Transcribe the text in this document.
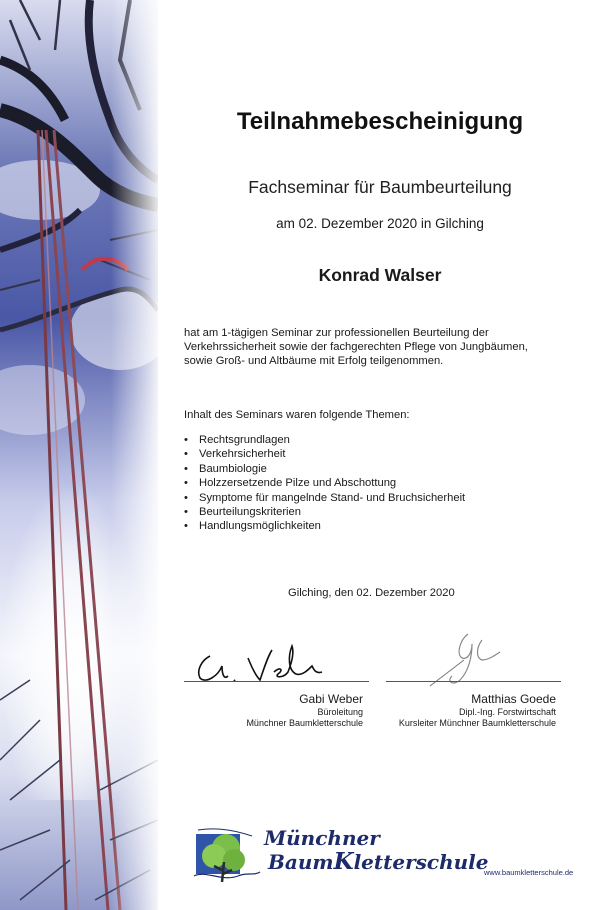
Teilnahmebescheinigung
Fachseminar für Baumbeurteilung
am 02. Dezember 2020 in Gilching
Konrad Walser
hat am 1-tägigen Seminar zur professionellen Beurteilung der
Verkehrssicherheit sowie der fachgerechten Pflege von Jungbäumen,
sowie Groß- und Altbäume mit Erfolg teilgenommen.
Inhalt des Seminars waren folgende Themen:
• Rechtsgrundlagen
• Verkehrsicherheit
• Baumbiologie
• Holzzersetzende Pilze und Abschottung
• Symptome für mangelnde Stand- und Bruchsicherheit
• Beurteilungskriterien
• Handlungsmöglichkeiten
Gilching, den 02. Dezember 2020
Gabi Weber
Büroleitung
Münchner Baumkletterschule
Matthias Goede
Dipl.-Ing. Forstwirtschaft
Kursleiter Münchner Baumkletterschule
Münchner
BaumKletterschule
www.baumkletterschule.de
